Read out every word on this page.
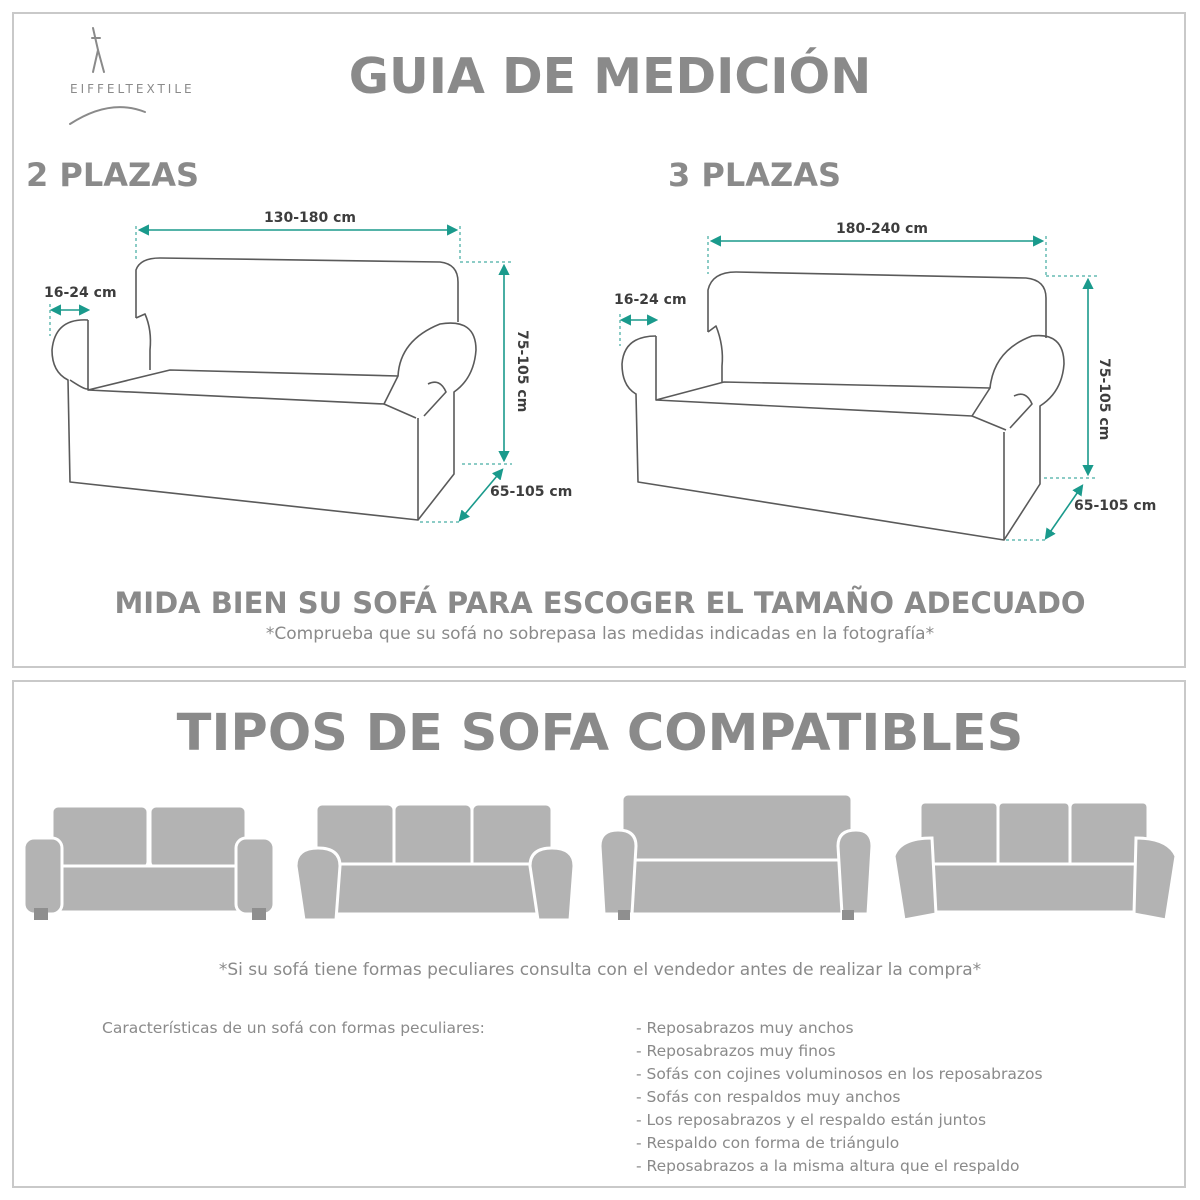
EIFFELTEXTILE	GUIA DE MEDICIÓN
2 PLAZAS	3 PLAZAS
130-180 cm
16-24 cm
75-105 cm
65-105 cm
180-240 cm
16-24 cm
75-105 cm
65-105 cm
MIDA BIEN SU SOFÁ PARA ESCOGER EL TAMAÑO ADECUADO
*Comprueba que su sofá no sobrepasa las medidas indicadas en la fotografía*
TIPOS DE SOFA COMPATIBLES
*Si su sofá tiene formas peculiares consulta con el vendedor antes de realizar la compra*
Características de un sofá con formas peculiares:
-	Reposabrazos muy anchos
- Reposabrazos muy finos
- Sofás con cojines voluminosos en los reposabrazos
- Sofás con respaldos muy anchos
- Los reposabrazos y el respaldo están juntos
- Respaldo con forma de triángulo
- Reposabrazos a la misma altura que el respaldo
